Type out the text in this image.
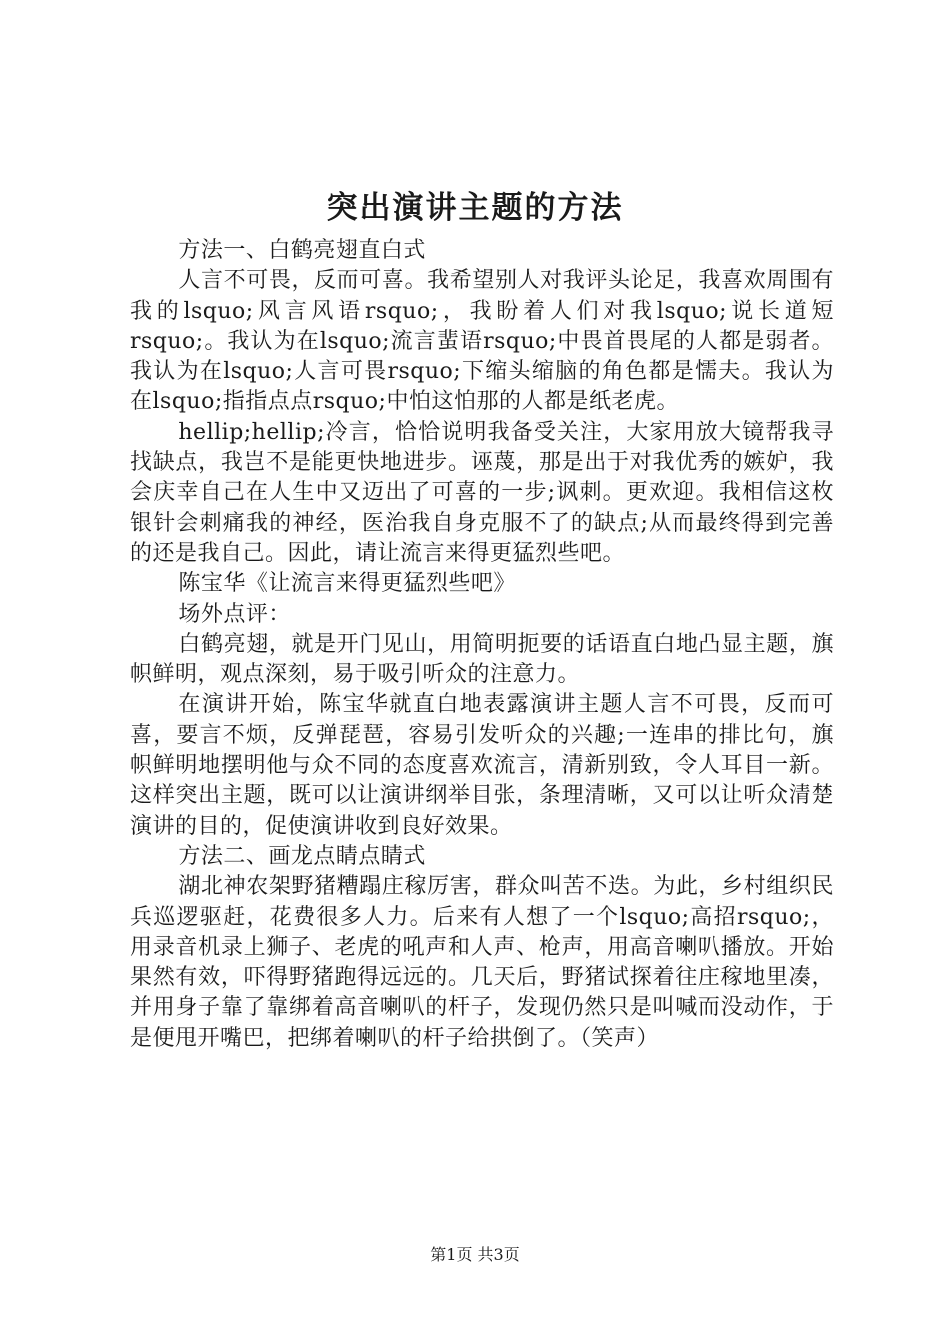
突出演讲主题的方法

方法一、白鹤亮翅直白式

人言不可畏，反而可喜。我希望别人对我评头论足，我喜欢周围有我的lsquo;风言风语rsquo;，我盼着人们对我lsquo;说长道短rsquo;。我认为在lsquo;流言蜚语rsquo;中畏首畏尾的人都是弱者。我认为在lsquo;人言可畏rsquo;下缩头缩脑的角色都是懦夫。我认为在lsquo;指指点点rsquo;中怕这怕那的人都是纸老虎。

hellip;hellip;冷言，恰恰说明我备受关注，大家用放大镜帮我寻找缺点，我岂不是能更快地进步。诬蔑，那是出于对我优秀的嫉妒，我会庆幸自己在人生中又迈出了可喜的一步;讽刺。更欢迎。我相信这枚银针会刺痛我的神经，医治我自身克服不了的缺点;从而最终得到完善的还是我自己。因此，请让流言来得更猛烈些吧。

陈宝华《让流言来得更猛烈些吧》

场外点评：

白鹤亮翅，就是开门见山，用简明扼要的话语直白地凸显主题，旗帜鲜明，观点深刻，易于吸引听众的注意力。

在演讲开始，陈宝华就直白地表露演讲主题人言不可畏，反而可喜，要言不烦，反弹琵琶，容易引发听众的兴趣;一连串的排比句，旗帜鲜明地摆明他与众不同的态度喜欢流言，清新别致，令人耳目一新。这样突出主题，既可以让演讲纲举目张，条理清晰，又可以让听众清楚演讲的目的，促使演讲收到良好效果。

方法二、画龙点睛点睛式

湖北神农架野猪糟蹋庄稼厉害，群众叫苦不迭。为此，乡村组织民兵巡逻驱赶，花费很多人力。后来有人想了一个lsquo;高招rsquo;，用录音机录上狮子、老虎的吼声和人声、枪声，用高音喇叭播放。开始果然有效，吓得野猪跑得远远的。几天后，野猪试探着往庄稼地里凑，并用身子靠了靠绑着高音喇叭的杆子，发现仍然只是叫喊而没动作，于是便甩开嘴巴，把绑着喇叭的杆子给拱倒了。（笑声）

第1页 共3页
